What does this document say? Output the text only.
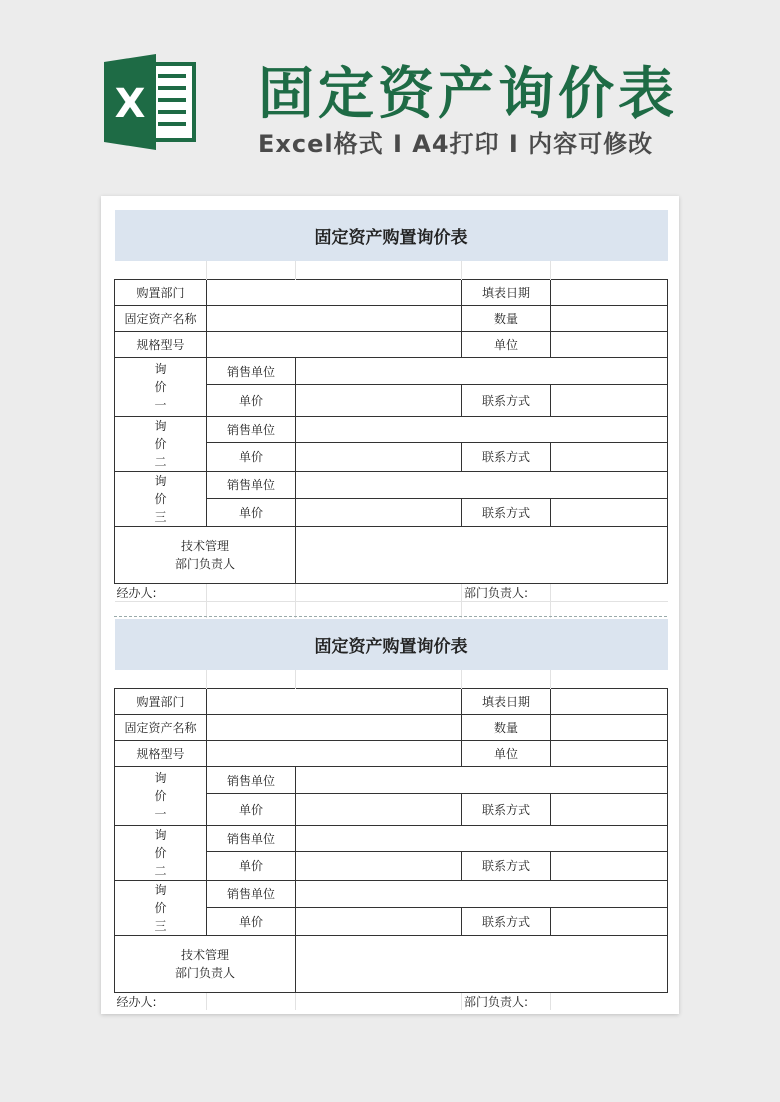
X 固定资产询价表
Excel格式 I A4打印 I 内容可修改
固定资产购置询价表				

购置部门			填表日期	
固定资产名称			数量	
规格型号			单位	

询
价
一	销售单位			
	单价		联系方式	

询
价
二	销售单位			
	单价		联系方式	

询
价
三	销售单位			
	单价		联系方式	

技术管理
部门负责人				

经办人:			部门负责人:	

固定资产购置询价表				

购置部门			填表日期	
固定资产名称			数量	
规格型号			单位	

询
价
一	销售单位			
	单价		联系方式	

询
价
二	销售单位			
	单价		联系方式	

询
价
三	销售单位			
	单价		联系方式	

技术管理
部门负责人				

经办人:			部门负责人:	
